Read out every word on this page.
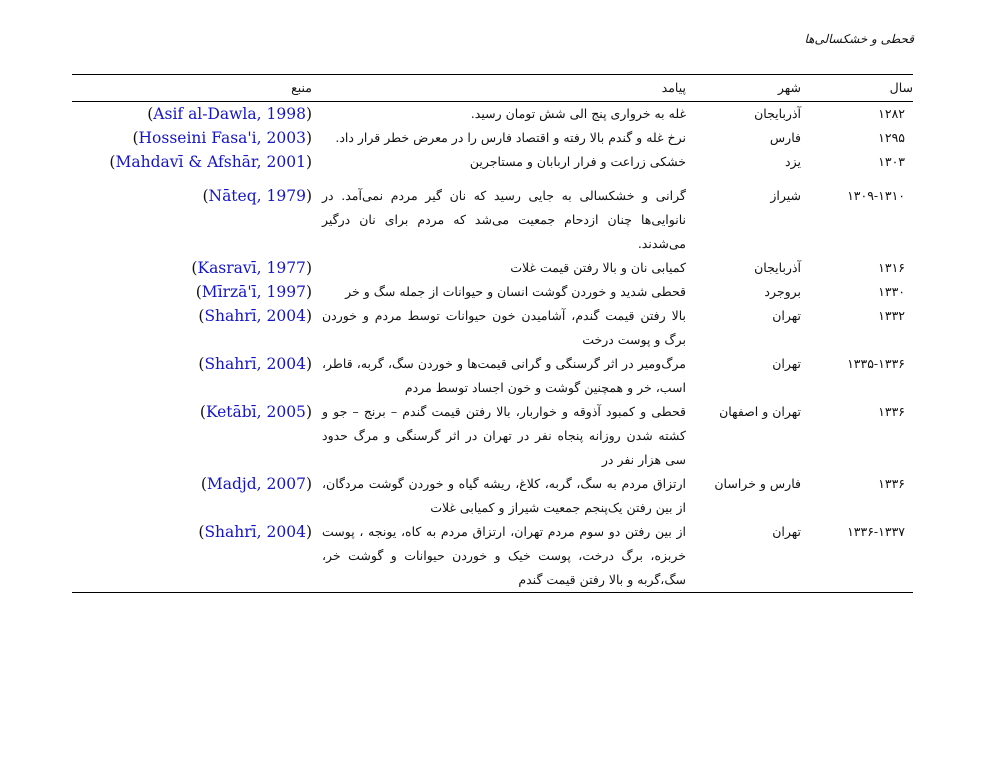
قحطی و خشکسالی‌ها
سال	شهر	پیامد	منبع
۱۲۸۲	آذربایجان	غله به خرواری پنج الی شش تومان رسید.	(Asif al-Dawla, 1998)
۱۲۹۵	فارس	نرخ غله و گندم بالا رفته و اقتصاد فارس را در معرض خطر قرار داد.	(Hosseini Fasa'i, 2003)
۱۳۰۳	یزد	خشکی زراعت و فرار اربابان و مستاجرین	(Mahdavī & Afshār, 2001)

۱۳۰۹-۱۳۱۰	شیراز	گرانی و خشکسالی به جایی رسید که نان گیر مردم نمی‌آمد. در نانوایی‌ها چنان ازدحام جمعیت می‌شد که مردم برای نان درگیر می‌شدند.	(Nāteq, 1979)
۱۳۱۶	آذربایجان	کمیابی نان و بالا رفتن قیمت غلات	(Kasravī, 1977)
۱۳۳۰	بروجرد	قحطی شدید و خوردن گوشت انسان و حیوانات از جمله سگ و خر	(Mīrzā'ī, 1997)
۱۳۳۲	تهران	بالا رفتن قیمت گندم، آشامیدن خون حیوانات توسط مردم و خوردن برگ و پوست درخت	(Shahrī, 2004)
۱۳۳۵-۱۳۳۶	تهران	مرگ‌ومیر در اثر گرسنگی و گرانی قیمت‌ها و خوردن سگ، گربه، قاطر، اسب، خر و همچنین گوشت و خون اجساد توسط مردم	(Shahrī, 2004)
۱۳۳۶	تهران و اصفهان	قحطی و کمبود آذوقه و خواربار، بالا رفتن قیمت گندم – برنج – جو و کشته شدن روزانه پنجاه نفر در تهران در اثر گرسنگی و مرگ حدود سی هزار نفر در	(Ketābī, 2005)
۱۳۳۶	فارس و خراسان	ارتزاق مردم به سگ، گربه، کلاغ، ریشه گیاه و خوردن گوشت مردگان، از بین رفتن یک‌پنجم جمعیت شیراز و کمیابی غلات	(Madjd, 2007)
۱۳۳۶-۱۳۳۷	تهران	از بین رفتن دو سوم مردم تهران، ارتزاق مردم به کاه، یونجه ، پوست خربزه، برگ درخت، پوست خیک و خوردن حیوانات و گوشت خر، سگ،گربه و بالا رفتن قیمت گندم	(Shahrī, 2004)
